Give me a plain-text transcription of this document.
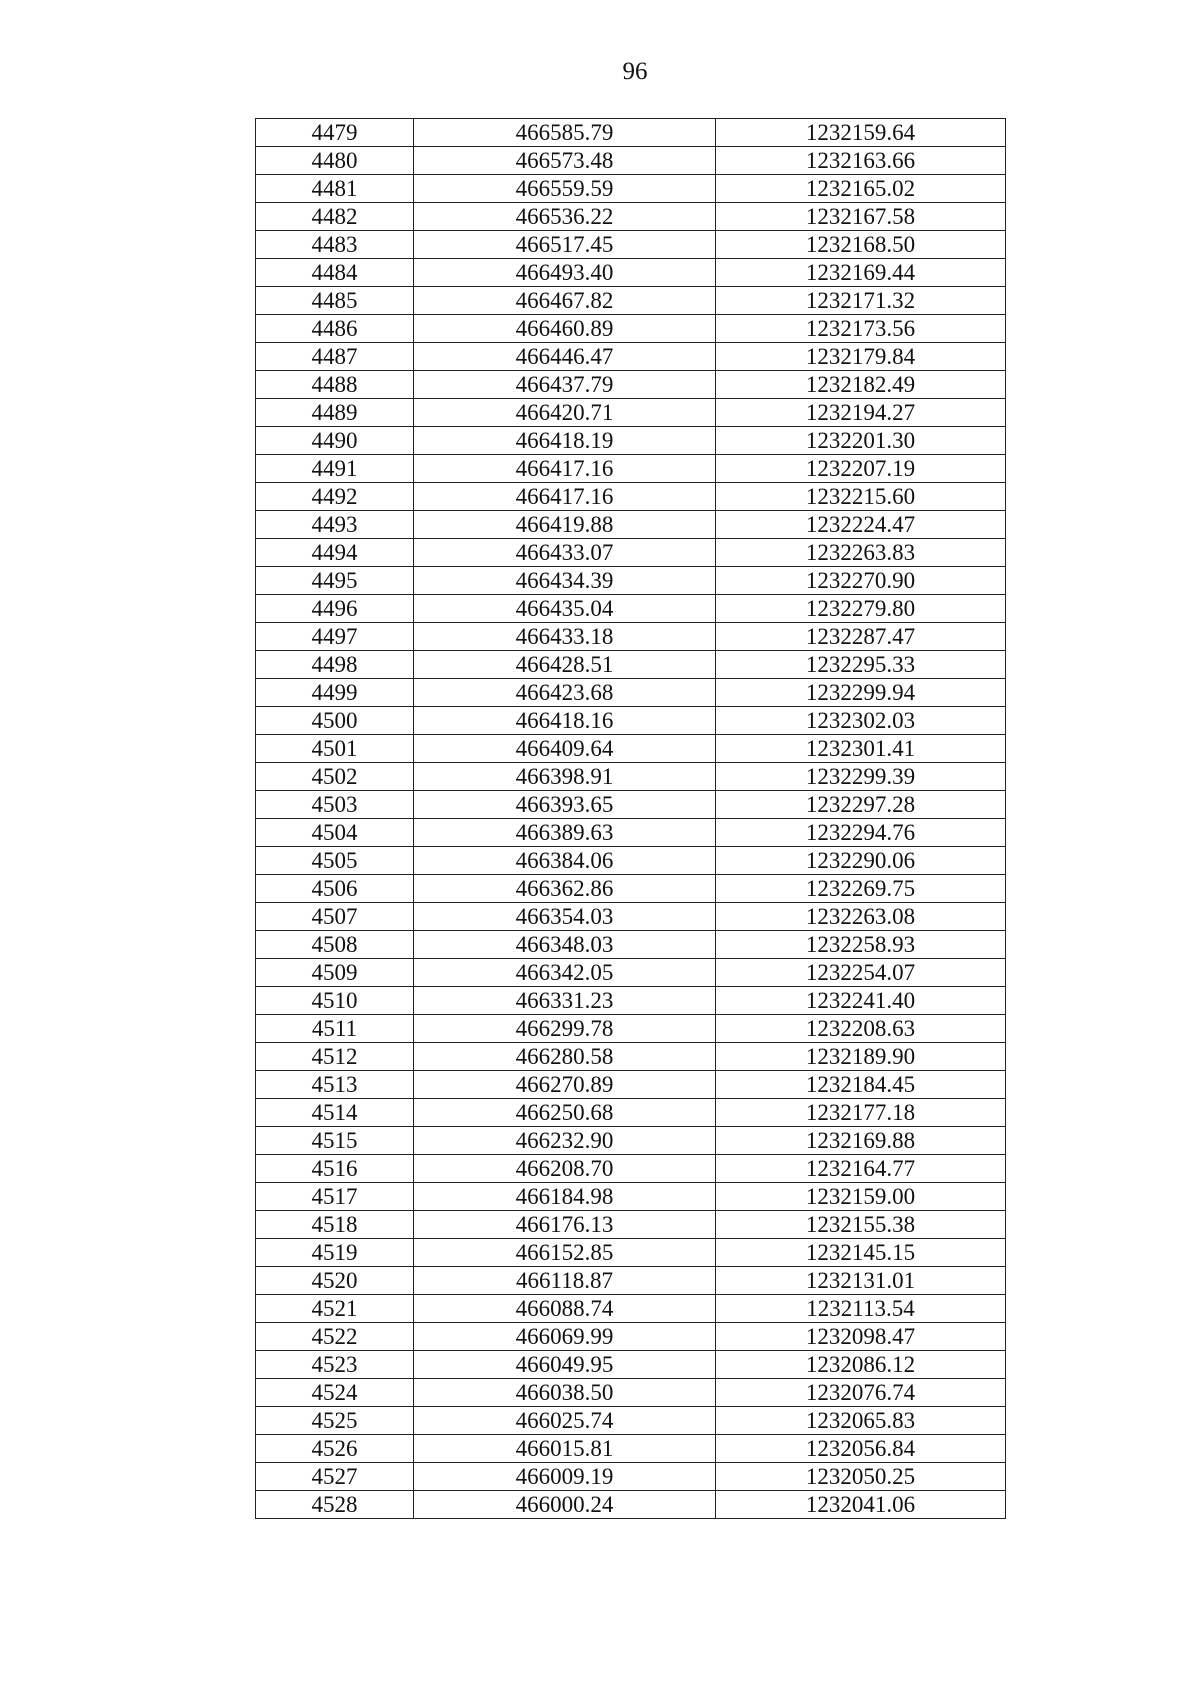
96
4479	466585.79	1232159.64
4480	466573.48	1232163.66
4481	466559.59	1232165.02
4482	466536.22	1232167.58
4483	466517.45	1232168.50
4484	466493.40	1232169.44
4485	466467.82	1232171.32
4486	466460.89	1232173.56
4487	466446.47	1232179.84
4488	466437.79	1232182.49
4489	466420.71	1232194.27
4490	466418.19	1232201.30
4491	466417.16	1232207.19
4492	466417.16	1232215.60
4493	466419.88	1232224.47
4494	466433.07	1232263.83
4495	466434.39	1232270.90
4496	466435.04	1232279.80
4497	466433.18	1232287.47
4498	466428.51	1232295.33
4499	466423.68	1232299.94
4500	466418.16	1232302.03
4501	466409.64	1232301.41
4502	466398.91	1232299.39
4503	466393.65	1232297.28
4504	466389.63	1232294.76
4505	466384.06	1232290.06
4506	466362.86	1232269.75
4507	466354.03	1232263.08
4508	466348.03	1232258.93
4509	466342.05	1232254.07
4510	466331.23	1232241.40
4511	466299.78	1232208.63
4512	466280.58	1232189.90
4513	466270.89	1232184.45
4514	466250.68	1232177.18
4515	466232.90	1232169.88
4516	466208.70	1232164.77
4517	466184.98	1232159.00
4518	466176.13	1232155.38
4519	466152.85	1232145.15
4520	466118.87	1232131.01
4521	466088.74	1232113.54
4522	466069.99	1232098.47
4523	466049.95	1232086.12
4524	466038.50	1232076.74
4525	466025.74	1232065.83
4526	466015.81	1232056.84
4527	466009.19	1232050.25
4528	466000.24	1232041.06
